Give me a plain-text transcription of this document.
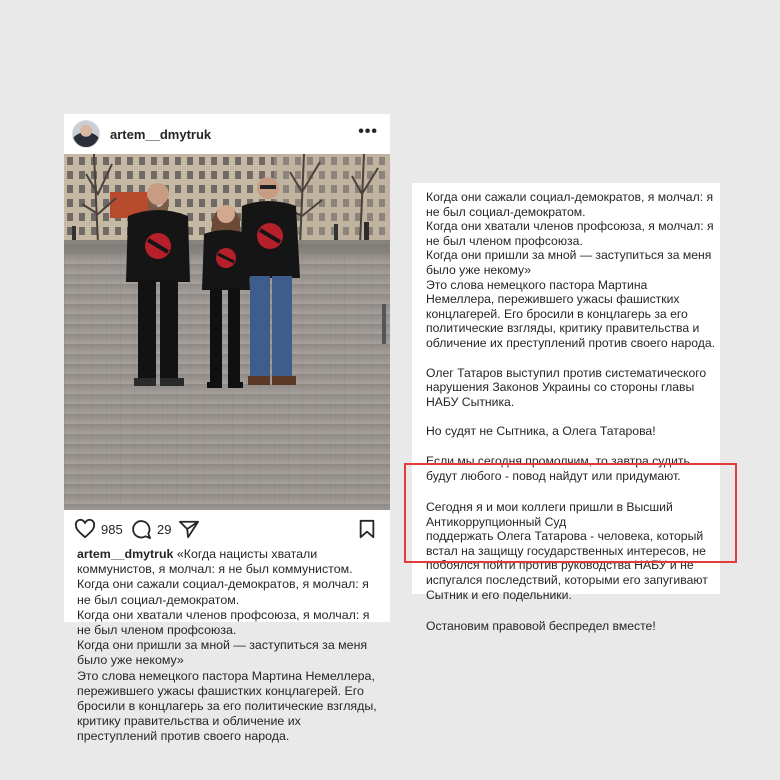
artem__dmytruk	•••
985	29

artem__dmytruk «Когда нацисты хватали коммунистов, я молчал: я не был коммунистом.

Когда они сажали социал-демократов, я молчал: я не был социал-демократом.

Когда они хватали членов профсоюза, я молчал: я не был членом профсоюза.

Когда они пришли за мной — заступиться за меня было уже некому»

Это слова немецкого пастора Мартина Немеллера, пережившего ужасы фашистких концлагерей. Его бросили в концлагерь за его политические взгляды, критику правительства и обличение их преступлений против своего народа.

Когда они сажали социал-демократов, я молчал: я не был социал-демократом.

Когда они хватали членов профсоюза, я молчал: я не был членом профсоюза.

Когда они пришли за мной — заступиться за меня было уже некому»

Это слова немецкого пастора Мартина Немеллера, пережившего ужасы фашистких концлагерей. Его бросили в концлагерь за его политические взгляды, критику правительства и обличение их преступлений против своего народа.

Олег Татаров выступил против систематического нарушения Законов Украины со стороны главы НАБУ Сытника.

Но судят не Сытника, а Олега Татарова!

Если мы сегодня промолчим, то завтра судить будут любого - повод найдут или придумают.

Сегодня я и мои коллеги пришли в Высший Антикоррупционный Суд

поддержать Олега Татарова - человека, который встал на защищу государственных интересов, не побоялся пойти против руководства НАБУ и не испугался последствий, которыми его запугивают Сытник и его подельники.

Остановим правовой беспредел вместе!
